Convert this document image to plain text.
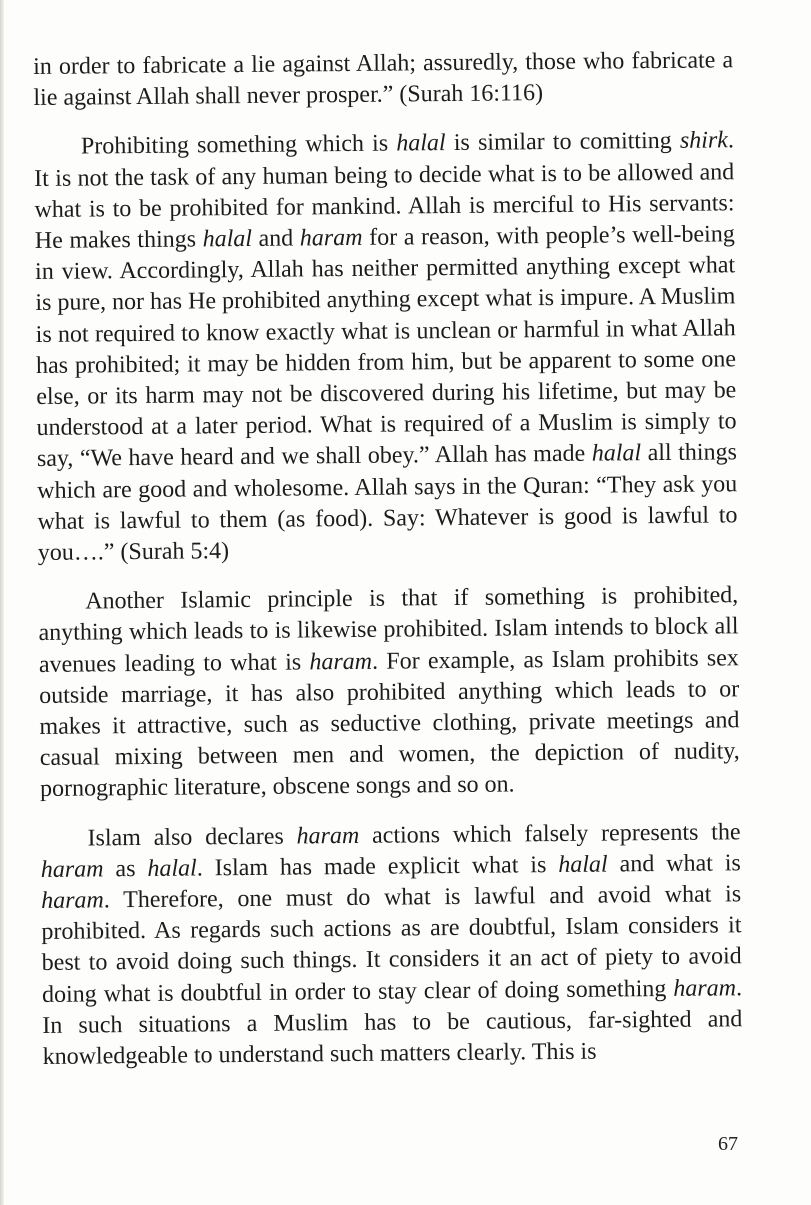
in order to fabricate a lie against Allah; assuredly, those who fabricate a lie against Allah shall never prosper.” (Surah 16:116)

Prohibiting something which is halal is similar to comitting shirk. It is not the task of any human being to decide what is to be allowed and what is to be prohibited for mankind. Allah is merciful to His servants: He makes things halal and haram for a reason, with people’s well-being in view. Accordingly, Allah has neither permitted anything except what is pure, nor has He prohibited anything except what is impure. A Muslim is not required to know exactly what is unclean or harmful in what Allah has prohibited; it may be hidden from him, but be apparent to some one else, or its harm may not be discovered during his lifetime, but may be understood at a later period. What is required of a Muslim is simply to say, “We have heard and we shall obey.” Allah has made halal all things which are good and wholesome. Allah says in the Quran: “They ask you what is lawful to them (as food). Say: Whatever is good is lawful to you….” (Surah 5:4)

Another Islamic principle is that if something is prohibited, anything which leads to is likewise prohibited. Islam intends to block all avenues leading to what is haram. For example, as Islam prohibits sex outside marriage, it has also prohibited anything which leads to or makes it attractive, such as seductive clothing, private meetings and casual mixing between men and women, the depiction of nudity, pornographic literature, obscene songs and so on.

Islam also declares haram actions which falsely represents the haram as halal. Islam has made explicit what is halal and what is haram. Therefore, one must do what is lawful and avoid what is prohibited. As regards such actions as are doubtful, Islam considers it best to avoid doing such things. It considers it an act of piety to avoid doing what is doubtful in order to stay clear of doing something haram. In such situations a Muslim has to be cautious, far-sighted and knowledgeable to understand such matters clearly. This is

67
